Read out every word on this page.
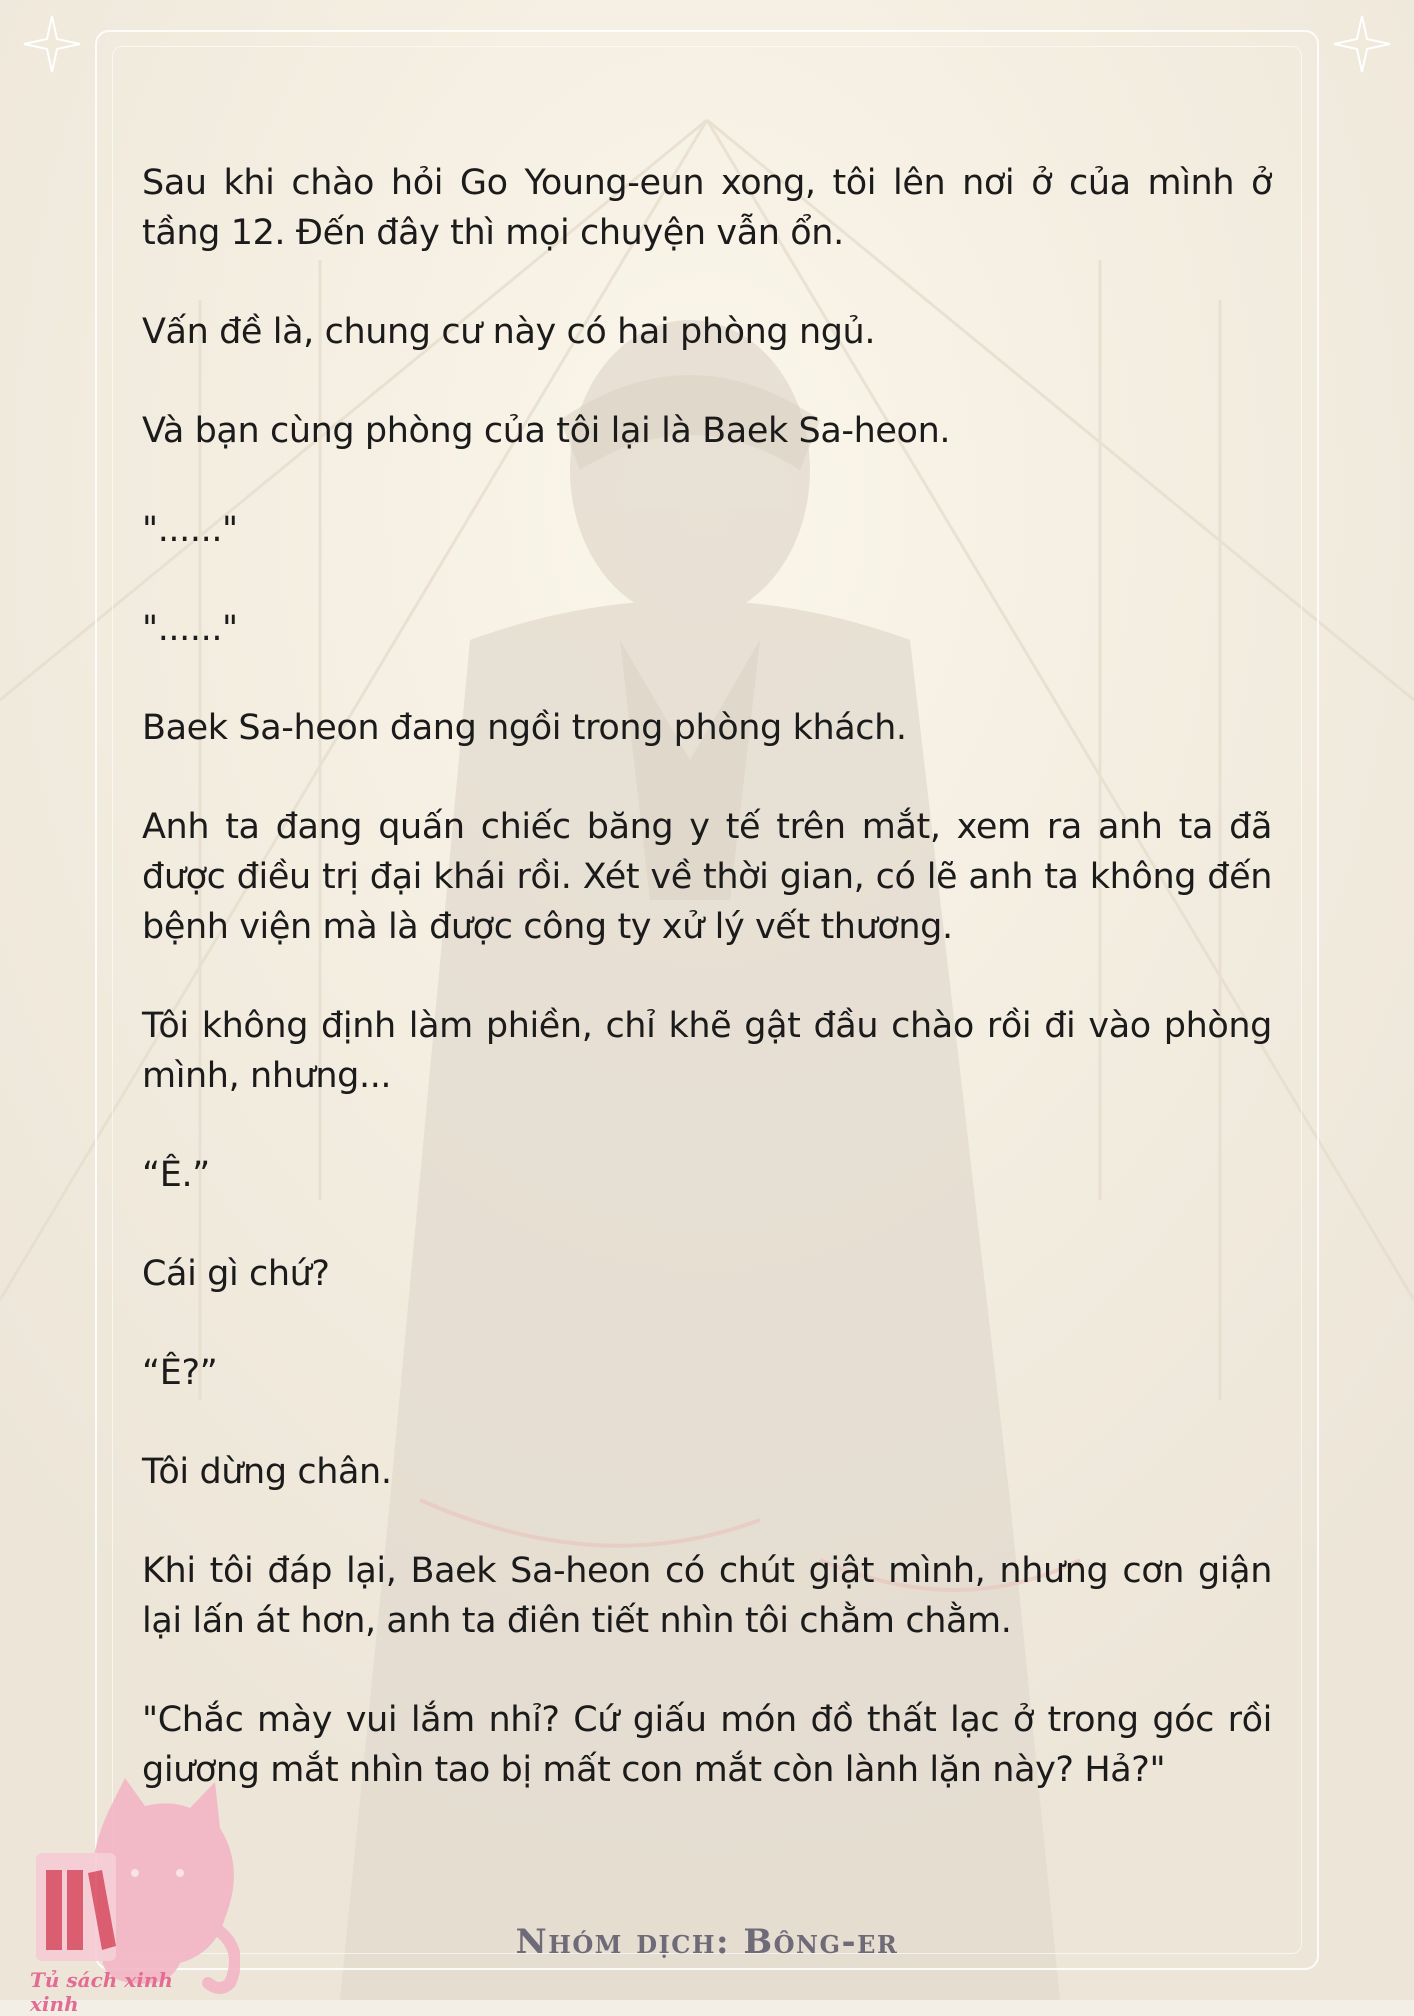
Sau khi chào hỏi Go Young-eun xong, tôi lên nơi ở của mình ở tầng 12. Đến đây thì mọi chuyện vẫn ổn.

Vấn đề là, chung cư này có hai phòng ngủ.

Và bạn cùng phòng của tôi lại là Baek Sa-heon.

"......"

"......"

Baek Sa-heon đang ngồi trong phòng khách.

Anh ta đang quấn chiếc băng y tế trên mắt, xem ra anh ta đã được điều trị đại khái rồi. Xét về thời gian, có lẽ anh ta không đến bệnh viện mà là được công ty xử lý vết thương.

Tôi không định làm phiền, chỉ khẽ gật đầu chào rồi đi vào phòng mình, nhưng...

“Ê.”

Cái gì chứ?

“Ê?”

Tôi dừng chân.

Khi tôi đáp lại, Baek Sa-heon có chút giật mình, nhưng cơn giận lại lấn át hơn, anh ta điên tiết nhìn tôi chằm chằm.

"Chắc mày vui lắm nhỉ? Cứ giấu món đồ thất lạc ở trong góc rồi giương mắt nhìn tao bị mất con mắt còn lành lặn này? Hả?"

Tủ sách xinh xinh
Nhóm dịch: Bông-er
